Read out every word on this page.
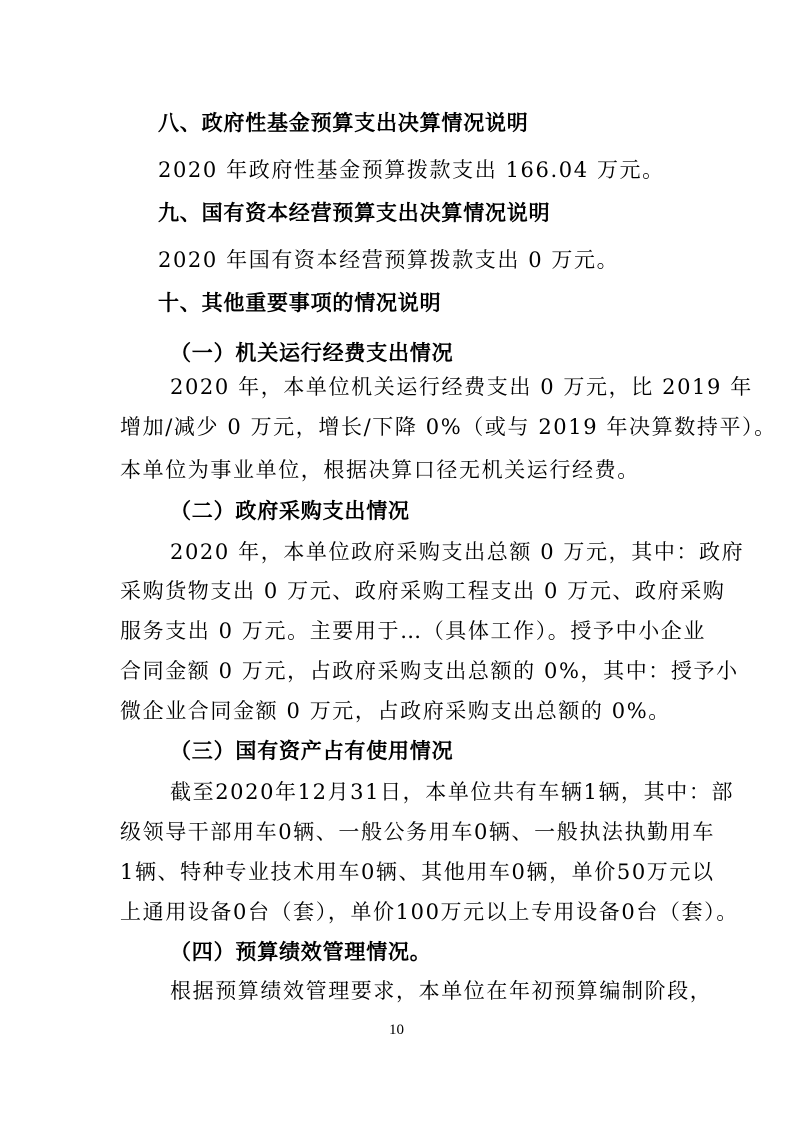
八、政府性基金预算支出决算情况说明
2020 年政府性基金预算拨款支出 166.04 万元。
九、国有资本经营预算支出决算情况说明
2020 年国有资本经营预算拨款支出 0 万元。
十、其他重要事项的情况说明
（一）机关运行经费支出情况
2020 年，本单位机关运行经费支出 0 万元，比 2019 年
增加/减少 0 万元，增长/下降 0%（或与 2019 年决算数持平）。
本单位为事业单位，根据决算口径无机关运行经费。
（二）政府采购支出情况
2020 年，本单位政府采购支出总额 0 万元，其中：政府
采购货物支出 0 万元、政府采购工程支出 0 万元、政府采购
服务支出 0 万元。主要用于…（具体工作）。授予中小企业
合同金额 0 万元，占政府采购支出总额的 0%，其中：授予小
微企业合同金额 0 万元，占政府采购支出总额的 0%。
（三）国有资产占有使用情况
截至2020年12月31日，本单位共有车辆1辆，其中：部
级领导干部用车0辆、一般公务用车0辆、一般执法执勤用车
1辆、特种专业技术用车0辆、其他用车0辆，单价50万元以
上通用设备0台（套），单价100万元以上专用设备0台（套）。
（四）预算绩效管理情况。
根据预算绩效管理要求，本单位在年初预算编制阶段，
10
